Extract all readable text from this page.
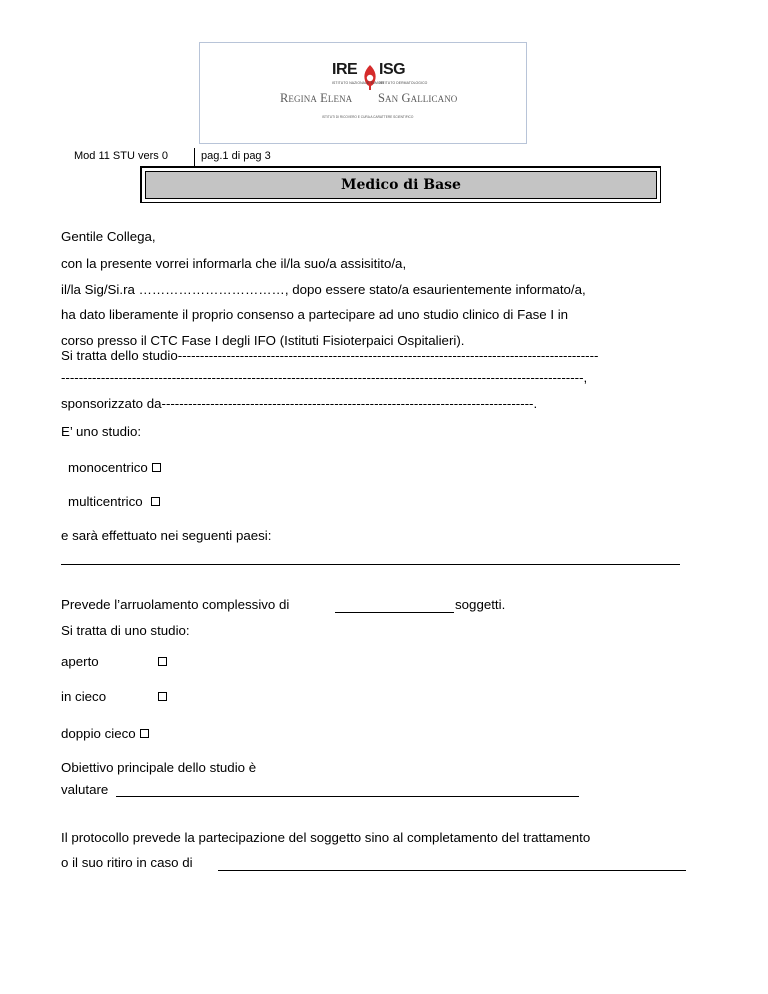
IRE ISG
ISTITUTO NAZIONALE TUMORI
ISTITUTO DERMATOLOGICO
Regina Elena San Gallicano
ISTITUTI DI RICOVERO E CURA A CARATTERE SCIENTIFICO
Mod 11 STU vers 0	pag.1 di pag 3
Medico di Base
Gentile Collega,
con la presente vorrei informarla che il/la suo/a assisitito/a,
il/la Sig/Si.ra ……………………………, dopo essere stato/a esaurientemente informato/a,
ha dato liberamente il proprio consenso a partecipare ad uno studio clinico di Fase I in
corso presso il CTC Fase I degli IFO (Istituti Fisioterpaici Ospitalieri).
Si tratta dello studio-----------------------------------------------------------------------------------------------
----------------------------------------------------------------------------------------------------------------------,
sponsorizzato da------------------------------------------------------------------------------------.
E’ uno studio:
monocentrico
multicentrico
e sarà effettuato nei seguenti paesi:
Prevede l’arruolamento complessivo di	soggetti.
Si tratta di uno studio:
aperto
in cieco
doppio cieco
Obiettivo principale dello studio è
valutare
Il protocollo prevede la partecipazione del soggetto sino al completamento del trattamento
o il suo ritiro in caso di
